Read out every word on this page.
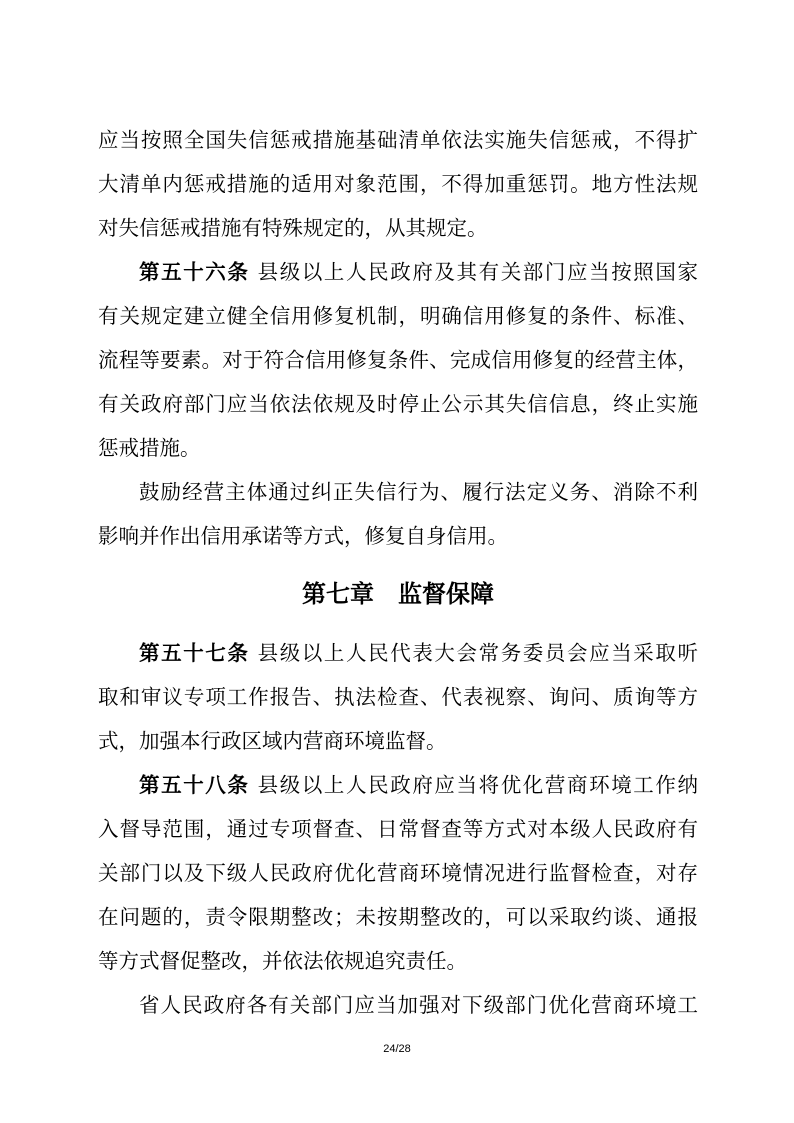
应当按照全国失信惩戒措施基础清单依法实施失信惩戒，不得扩
大清单内惩戒措施的适用对象范围，不得加重惩罚。地方性法规
对失信惩戒措施有特殊规定的，从其规定。
第五十六条 县级以上人民政府及其有关部门应当按照国家
有关规定建立健全信用修复机制，明确信用修复的条件、标准、
流程等要素。对于符合信用修复条件、完成信用修复的经营主体，
有关政府部门应当依法依规及时停止公示其失信信息，终止实施
惩戒措施。
鼓励经营主体通过纠正失信行为、履行法定义务、消除不利
影响并作出信用承诺等方式，修复自身信用。
第七章　监督保障
第五十七条 县级以上人民代表大会常务委员会应当采取听
取和审议专项工作报告、执法检查、代表视察、询问、质询等方
式，加强本行政区域内营商环境监督。
第五十八条 县级以上人民政府应当将优化营商环境工作纳
入督导范围，通过专项督查、日常督查等方式对本级人民政府有
关部门以及下级人民政府优化营商环境情况进行监督检查，对存
在问题的，责令限期整改；未按期整改的，可以采取约谈、通报
等方式督促整改，并依法依规追究责任。
省人民政府各有关部门应当加强对下级部门优化营商环境工
24/28
